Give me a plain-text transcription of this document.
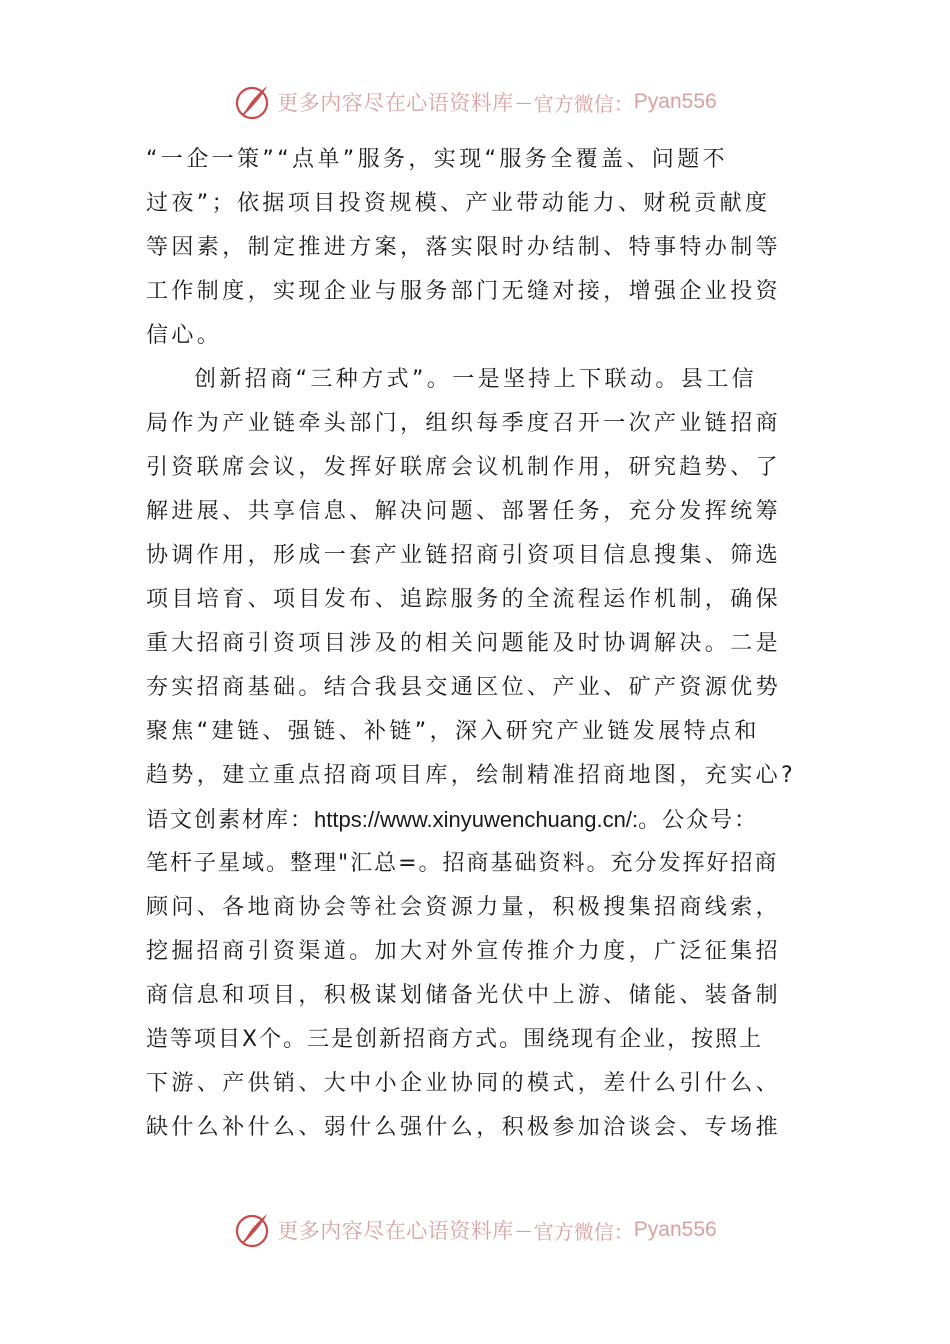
更多内容尽在心语资料库 — 官方微信： Pyan556
“一企一策”“点单”服务，实现“服务全覆盖、问题不
过夜”；依据项目投资规模、产业带动能力、财税贡献度
等因素，制定推进方案，落实限时办结制、特事特办制等
工作制度，实现企业与服务部门无缝对接，增强企业投资
信心。
创新招商“三种方式”。一是坚持上下联动。县工信
局作为产业链牵头部门，组织每季度召开一次产业链招商
引资联席会议，发挥好联席会议机制作用，研究趋势、了
解进展、共享信息、解决问题、部署任务，充分发挥统筹
协调作用，形成一套产业链招商引资项目信息搜集、筛选
项目培育、项目发布、追踪服务的全流程运作机制，确保
重大招商引资项目涉及的相关问题能及时协调解决。二是
夯实招商基础。结合我县交通区位、产业、矿产资源优势
聚焦“建链、强链、补链”，深入研究产业链发展特点和
趋势，建立重点招商项目库，绘制精准招商地图，充实心?
语文创素材库：https://www.xinyuwenchuang.cn/:。公众号：
笔杆子星域。整理"汇总=。招商基础资料。充分发挥好招商
顾问、各地商协会等社会资源力量，积极搜集招商线索，
挖掘招商引资渠道。加大对外宣传推介力度，广泛征集招
商信息和项目，积极谋划储备光伏中上游、储能、装备制
造等项目X个。三是创新招商方式。围绕现有企业，按照上
下游、产供销、大中小企业协同的模式，差什么引什么、
缺什么补什么、弱什么强什么，积极参加洽谈会、专场推
更多内容尽在心语资料库 — 官方微信： Pyan556
